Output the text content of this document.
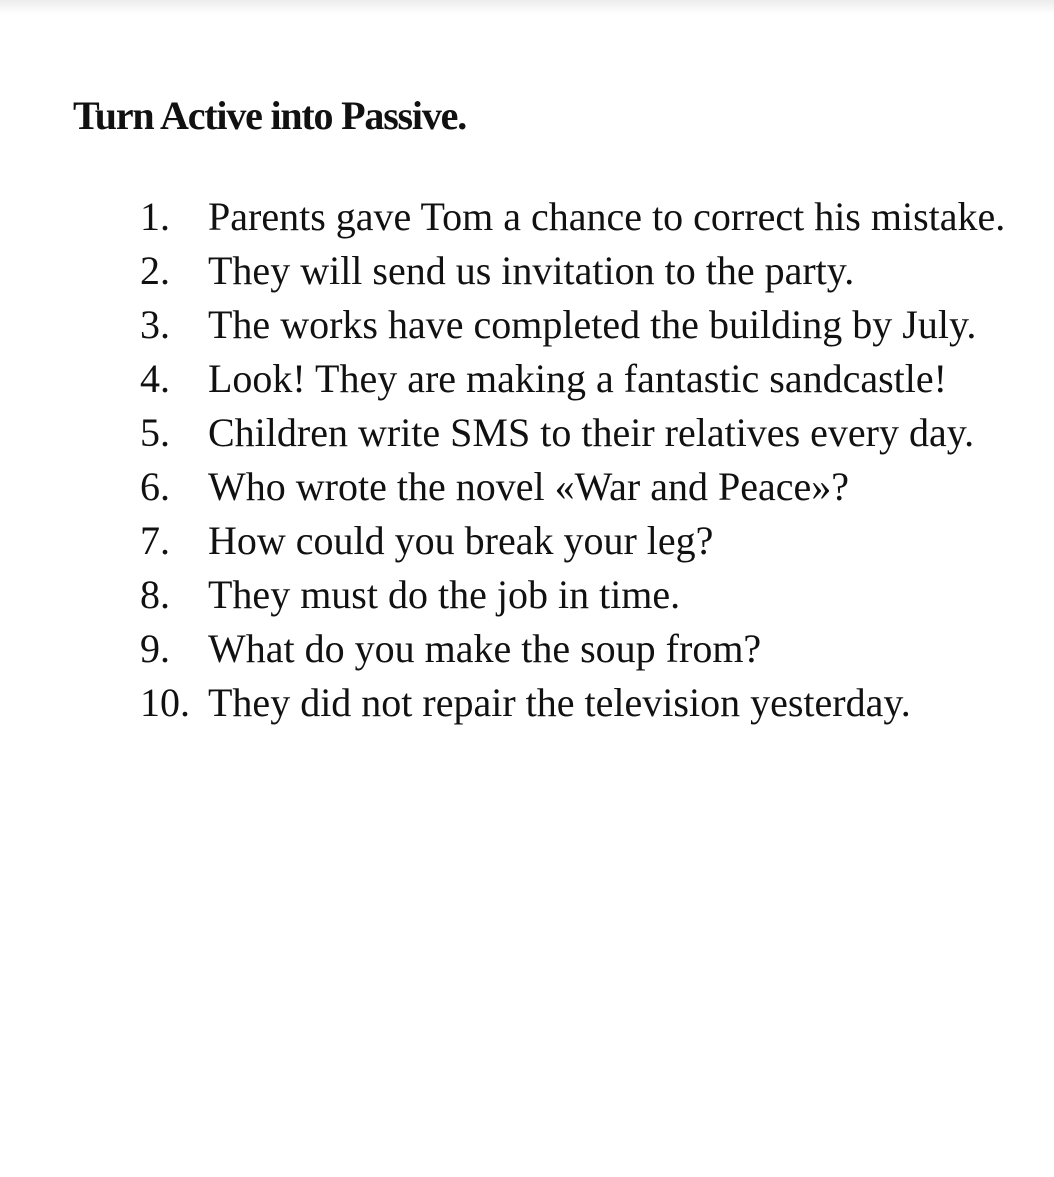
Turn Active into Passive.
1. Parents gave Tom a chance to correct his mistake.
2. They will send us invitation to the party.
3. The works have completed the building by July.
4. Look! They are making a fantastic sandcastle!
5. Children write SMS to their relatives every day.
6. Who wrote the novel «War and Peace»?
7. How could you break your leg?
8. They must do the job in time.
9. What do you make the soup from?
10. They did not repair the television yesterday.
